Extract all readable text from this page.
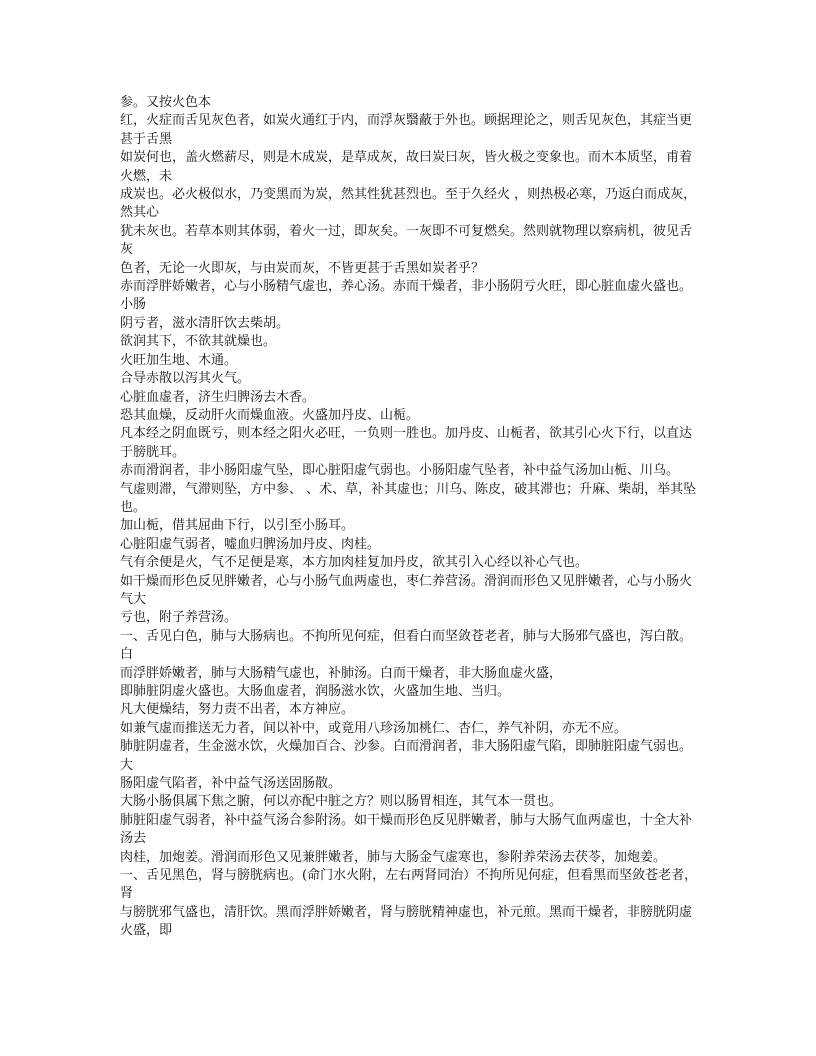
参。又按火色本

红，火症而舌见灰色者，如炭火通红于内，而浮灰翳蔽于外也。顾据理论之，则舌见灰色，其症当更甚于舌黑

如炭何也，盖火燃薪尽，则是木成炭，是草成灰，故曰炭曰灰，皆火极之变象也。而木本质坚，甫着火燃，未

成炭也。必火极似水，乃变黑而为炭，然其性犹甚烈也。至于久经火 ，则热极必寒，乃返白而成灰，然其心

犹未灰也。若草本则其体弱，着火一过，即灰矣。一灰即不可复燃矣。然则就物理以察病机，彼见舌灰

色者，无论一火即灰，与由炭而灰，不皆更甚于舌黑如炭者乎？

赤而浮胖娇嫩者，心与小肠精气虚也，养心汤。赤而干燥者，非小肠阴亏火旺，即心脏血虚火盛也。小肠

阴亏者，滋水清肝饮去柴胡。

欲润其下，不欲其就燥也。

火旺加生地、木通。

合导赤散以泻其火气。

心脏血虚者，济生归脾汤去木香。

恐其血燥，反动肝火而燥血液。火盛加丹皮、山栀。

凡本经之阴血既亏，则本经之阳火必旺，一负则一胜也。加丹皮、山栀者，欲其引心火下行，以直达于膀胱耳。

赤而滑润者，非小肠阳虚气坠，即心脏阳虚气弱也。小肠阳虚气坠者，补中益气汤加山栀、川乌。

气虚则滞，气滞则坠，方中参、 、术、草，补其虚也；川乌、陈皮，破其滞也；升麻、柴胡，举其坠也。

加山栀，借其屈曲下行，以引至小肠耳。

心脏阳虚气弱者，嘘血归脾汤加丹皮、肉桂。

气有余便是火，气不足便是寒，本方加肉桂复加丹皮，欲其引入心经以补心气也。

如干燥而形色反见胖嫩者，心与小肠气血两虚也，枣仁养营汤。滑润而形色又见胖嫩者，心与小肠火气大

亏也，附子养营汤。

一、舌见白色，肺与大肠病也。不拘所见何症，但看白而坚敛苍老者，肺与大肠邪气盛也，泻白散。白

而浮胖娇嫩者，肺与大肠精气虚也，补肺汤。白而干燥者，非大肠血虚火盛，

即肺脏阴虚火盛也。大肠血虚者，润肠滋水饮，火盛加生地、当归。

凡大便燥结，努力责不出者，本方神应。

如兼气虚而推送无力者，间以补中，或竟用八珍汤加桃仁、杏仁，养气补阴，亦无不应。

肺脏阴虚者，生金滋水饮，火燥加百合、沙参。白而滑润者，非大肠阳虚气陷，即肺脏阳虚气弱也。大

肠阳虚气陷者，补中益气汤送固肠散。

大肠小肠俱属下焦之腑，何以亦配中脏之方？则以肠胃相连，其气本一贯也。

肺脏阳虚气弱者，补中益气汤合参附汤。如干燥而形色反见胖嫩者，肺与大肠气血两虚也，十全大补汤去

肉桂，加炮姜。滑润而形色又见兼胖嫩者，肺与大肠金气虚寒也，参附养荣汤去茯苓，加炮姜。

一、舌见黑色，肾与膀胱病也。(命门水火附，左右两肾同治）不拘所见何症，但看黑而坚敛苍老者，肾

与膀胱邪气盛也，清肝饮。黑而浮胖娇嫩者，肾与膀胱精神虚也，补元煎。黑而干燥者，非膀胱阴虚火盛，即
